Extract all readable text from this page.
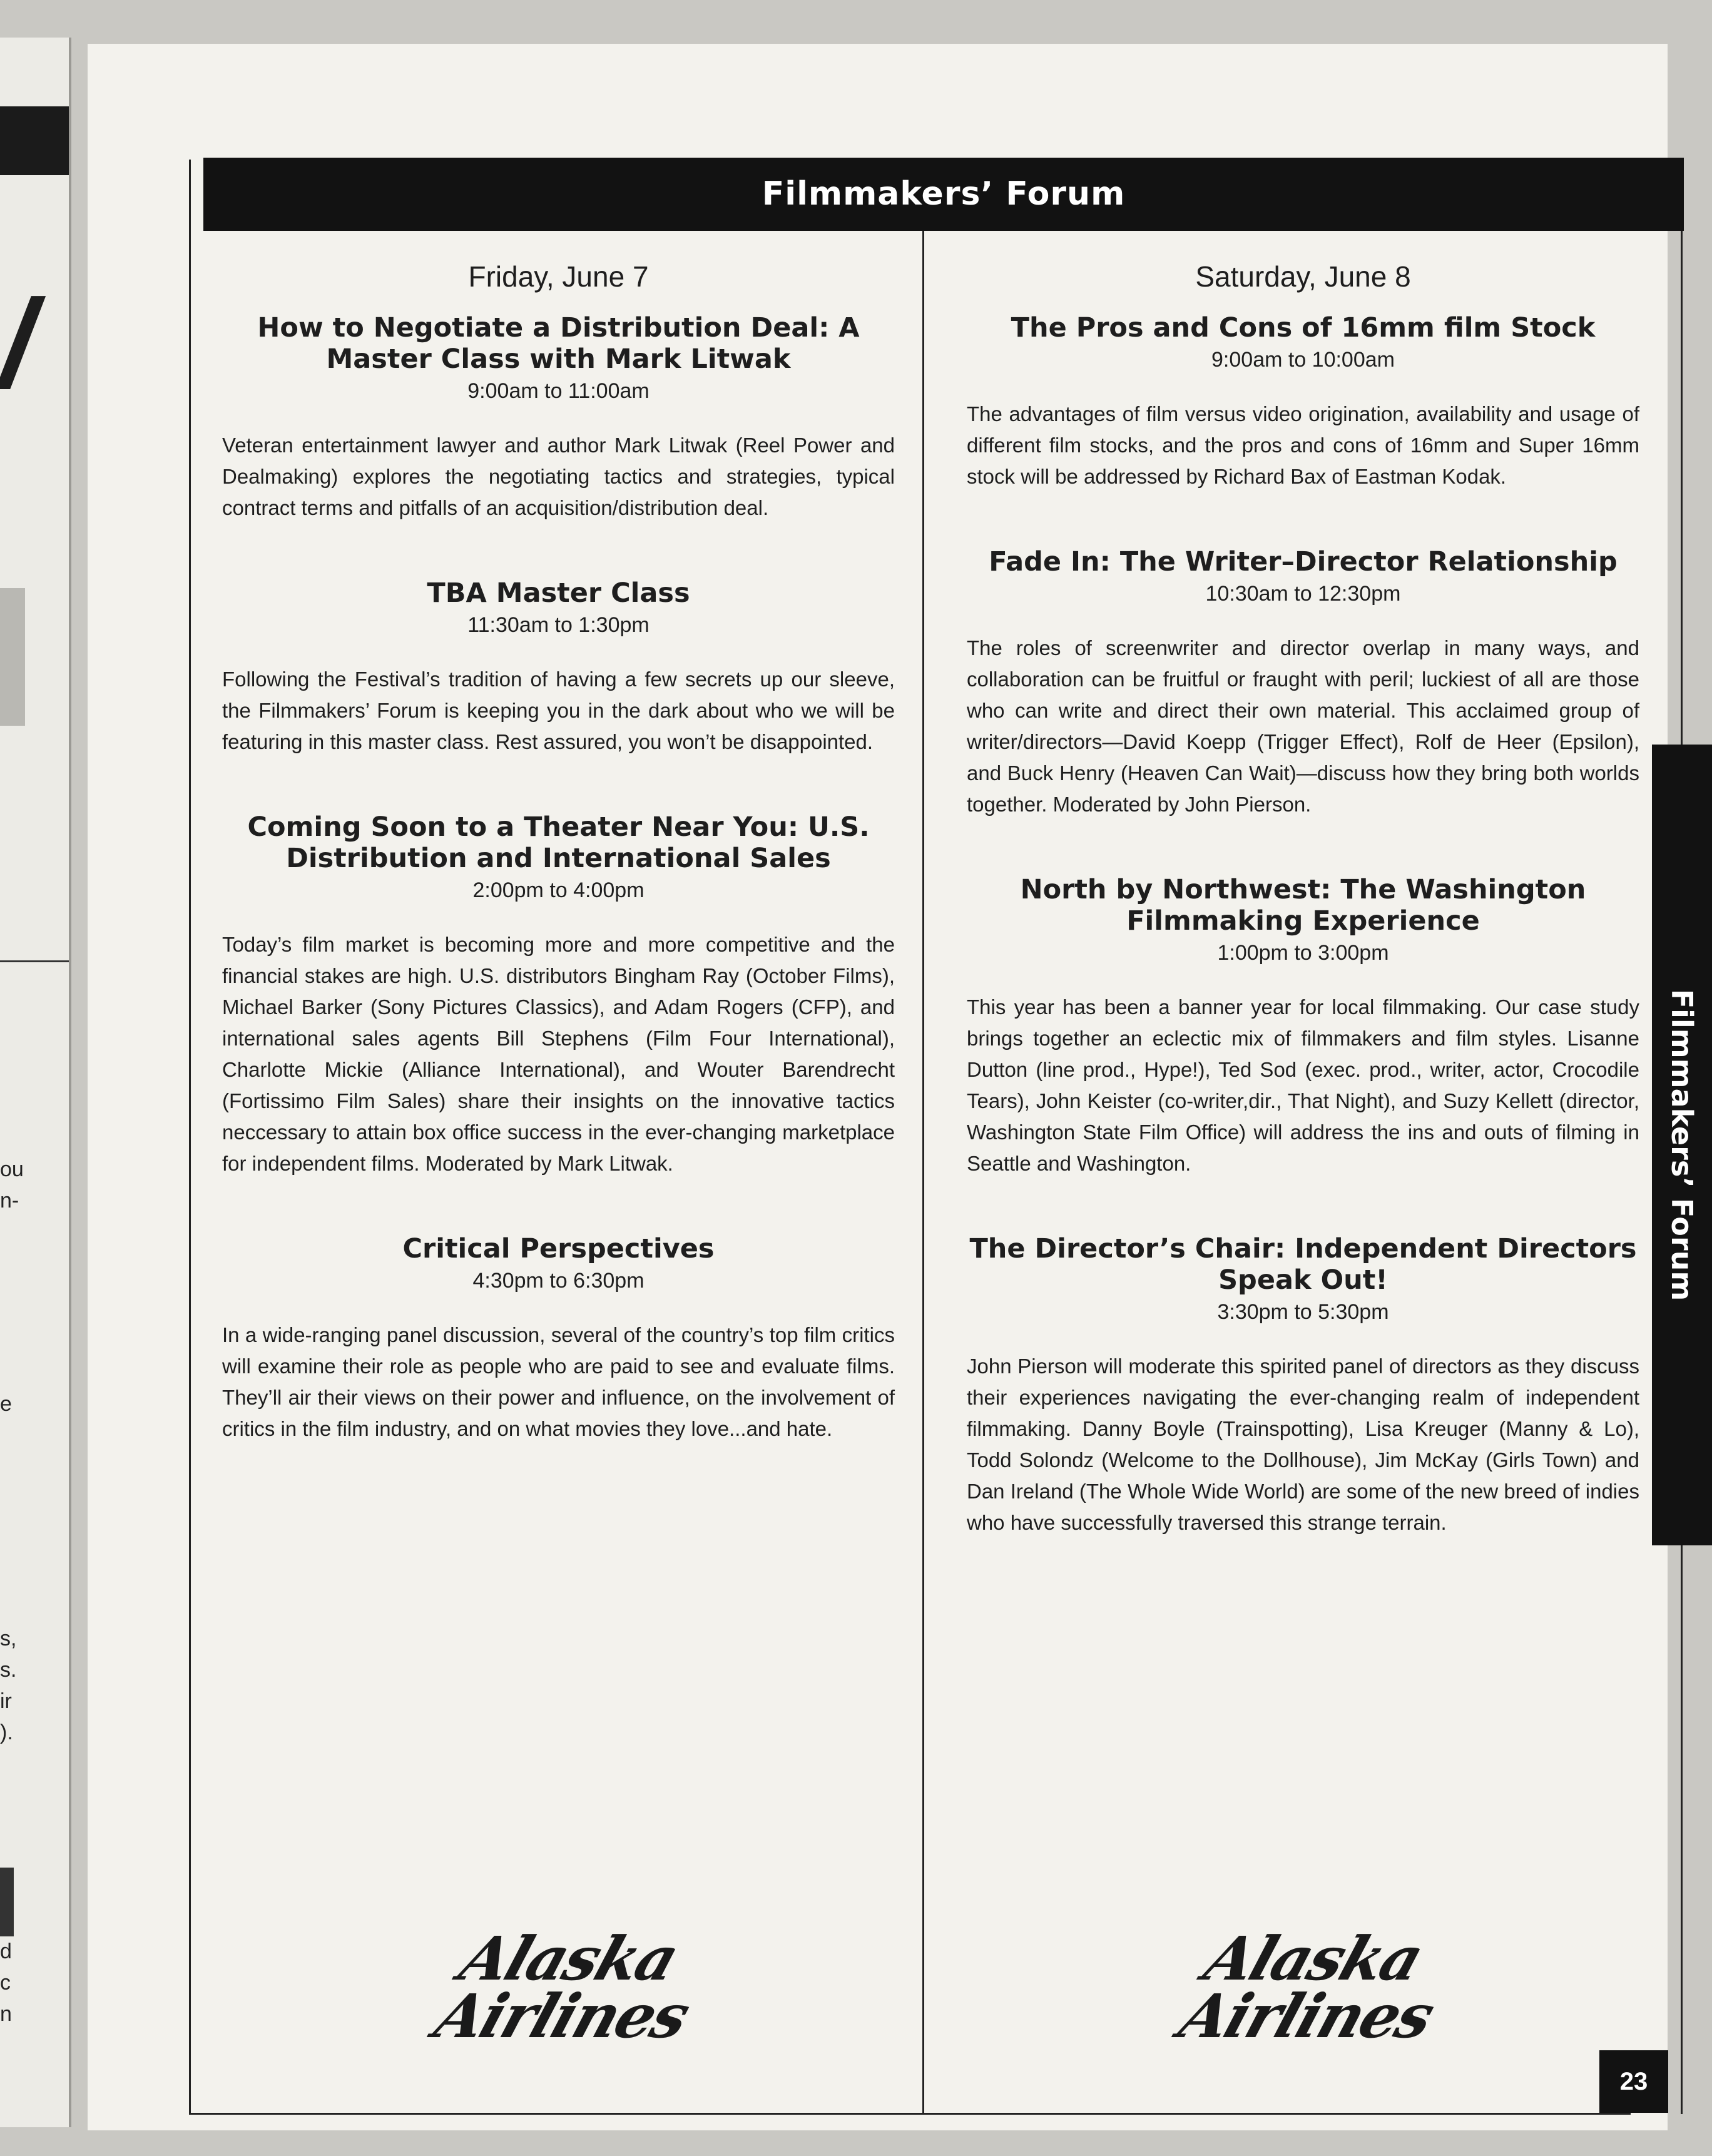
/
ou
n-
e
s,
s.
ir
).
d
c
n
Filmmakers’ Forum
Friday, June 7
How to Negotiate a Distribution Deal: A Master Class with Mark Litwak

9:00am to 11:00am

Veteran entertainment lawyer and author Mark Litwak (Reel Power and Dealmaking) explores the negotiating tactics and strategies, typical contract terms and pitfalls of an acquisition/distribution deal.

TBA Master Class

11:30am to 1:30pm

Following the Festival’s tradition of having a few secrets up our sleeve, the Filmmakers’ Forum is keeping you in the dark about who we will be featuring in this master class. Rest assured, you won’t be disappointed.

Coming Soon to a Theater Near You: U.S. Distribution and International Sales

2:00pm to 4:00pm

Today’s film market is becoming more and more competitive and the financial stakes are high. U.S. distributors Bingham Ray (October Films), Michael Barker (Sony Pictures Classics), and Adam Rogers (CFP), and international sales agents Bill Stephens (Film Four International), Charlotte Mickie (Alliance International), and Wouter Barendrecht (Fortissimo Film Sales) share their insights on the innovative tactics neccessary to attain box office success in the ever-changing marketplace for independent films. Moderated by Mark Litwak.

Critical Perspectives

4:30pm to 6:30pm

In a wide-ranging panel discussion, several of the country’s top film critics will examine their role as people who are paid to see and evaluate films. They’ll air their views on their power and influence, on the involvement of critics in the film industry, and on what movies they love...and hate.

Saturday, June 8
The Pros and Cons of 16mm film Stock

9:00am to 10:00am

The advantages of film versus video origination, availability and usage of different film stocks, and the pros and cons of 16mm and Super 16mm stock will be addressed by Richard Bax of Eastman Kodak.

Fade In: The Writer–Director Relationship

10:30am to 12:30pm

The roles of screenwriter and director overlap in many ways, and collaboration can be fruitful or fraught with peril; luckiest of all are those who can write and direct their own material. This acclaimed group of writer/directors—David Koepp (Trigger Effect), Rolf de Heer (Epsilon), and Buck Henry (Heaven Can Wait)—discuss how they bring both worlds together. Moderated by John Pierson.

North by Northwest: The Washington Filmmaking Experience

1:00pm to 3:00pm

This year has been a banner year for local filmmaking. Our case study brings together an eclectic mix of filmmakers and film styles. Lisanne Dutton (line prod., Hype!), Ted Sod (exec. prod., writer, actor, Crocodile Tears), John Keister (co-writer,dir., That Night), and Suzy Kellett (director, Washington State Film Office) will address the ins and outs of filming in Seattle and Washington.

The Director’s Chair: Independent Directors Speak Out!

3:30pm to 5:30pm

John Pierson will moderate this spirited panel of directors as they discuss their experiences navigating the ever-changing realm of independent filmmaking. Danny Boyle (Trainspotting), Lisa Kreuger (Manny & Lo), Todd Solondz (Welcome to the Dollhouse), Jim McKay (Girls Town) and Dan Ireland (The Whole Wide World) are some of the new breed of indies who have successfully traversed this strange terrain.

Alaska
Airlines
Alaska
Airlines
Filmmakers’ Forum
23
